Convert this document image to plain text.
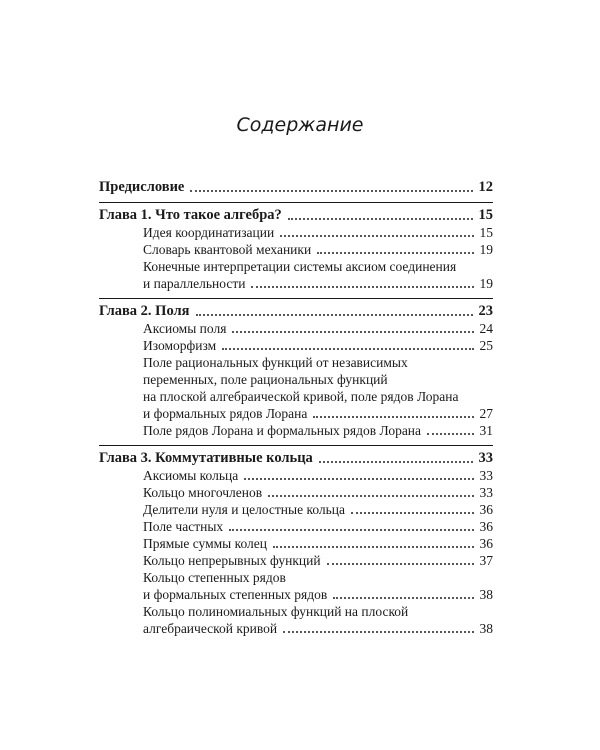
Содержание
Предисловие	12
Глава 1. Что такое алгебра?	15
Идея координатизации	15
Словарь квантовой механики	19
Конечные интерпретации системы аксиом соединения
и параллельности	19
Глава 2. Поля	23
Аксиомы поля	24
Изоморфизм	25
Поле рациональных функций от независимых
переменных, поле рациональных функций
на плоской алгебраической кривой, поле рядов Лорана
и формальных рядов Лорана	27
Поле рядов Лорана и формальных рядов Лорана	31
Глава 3. Коммутативные кольца	33
Аксиомы кольца	33
Кольцо многочленов	33
Делители нуля и целостные кольца	36
Поле частных	36
Прямые суммы колец	36
Кольцо непрерывных функций	37
Кольцо степенных рядов
и формальных степенных рядов	38
Кольцо полиномиальных функций на плоской
алгебраической кривой	38
